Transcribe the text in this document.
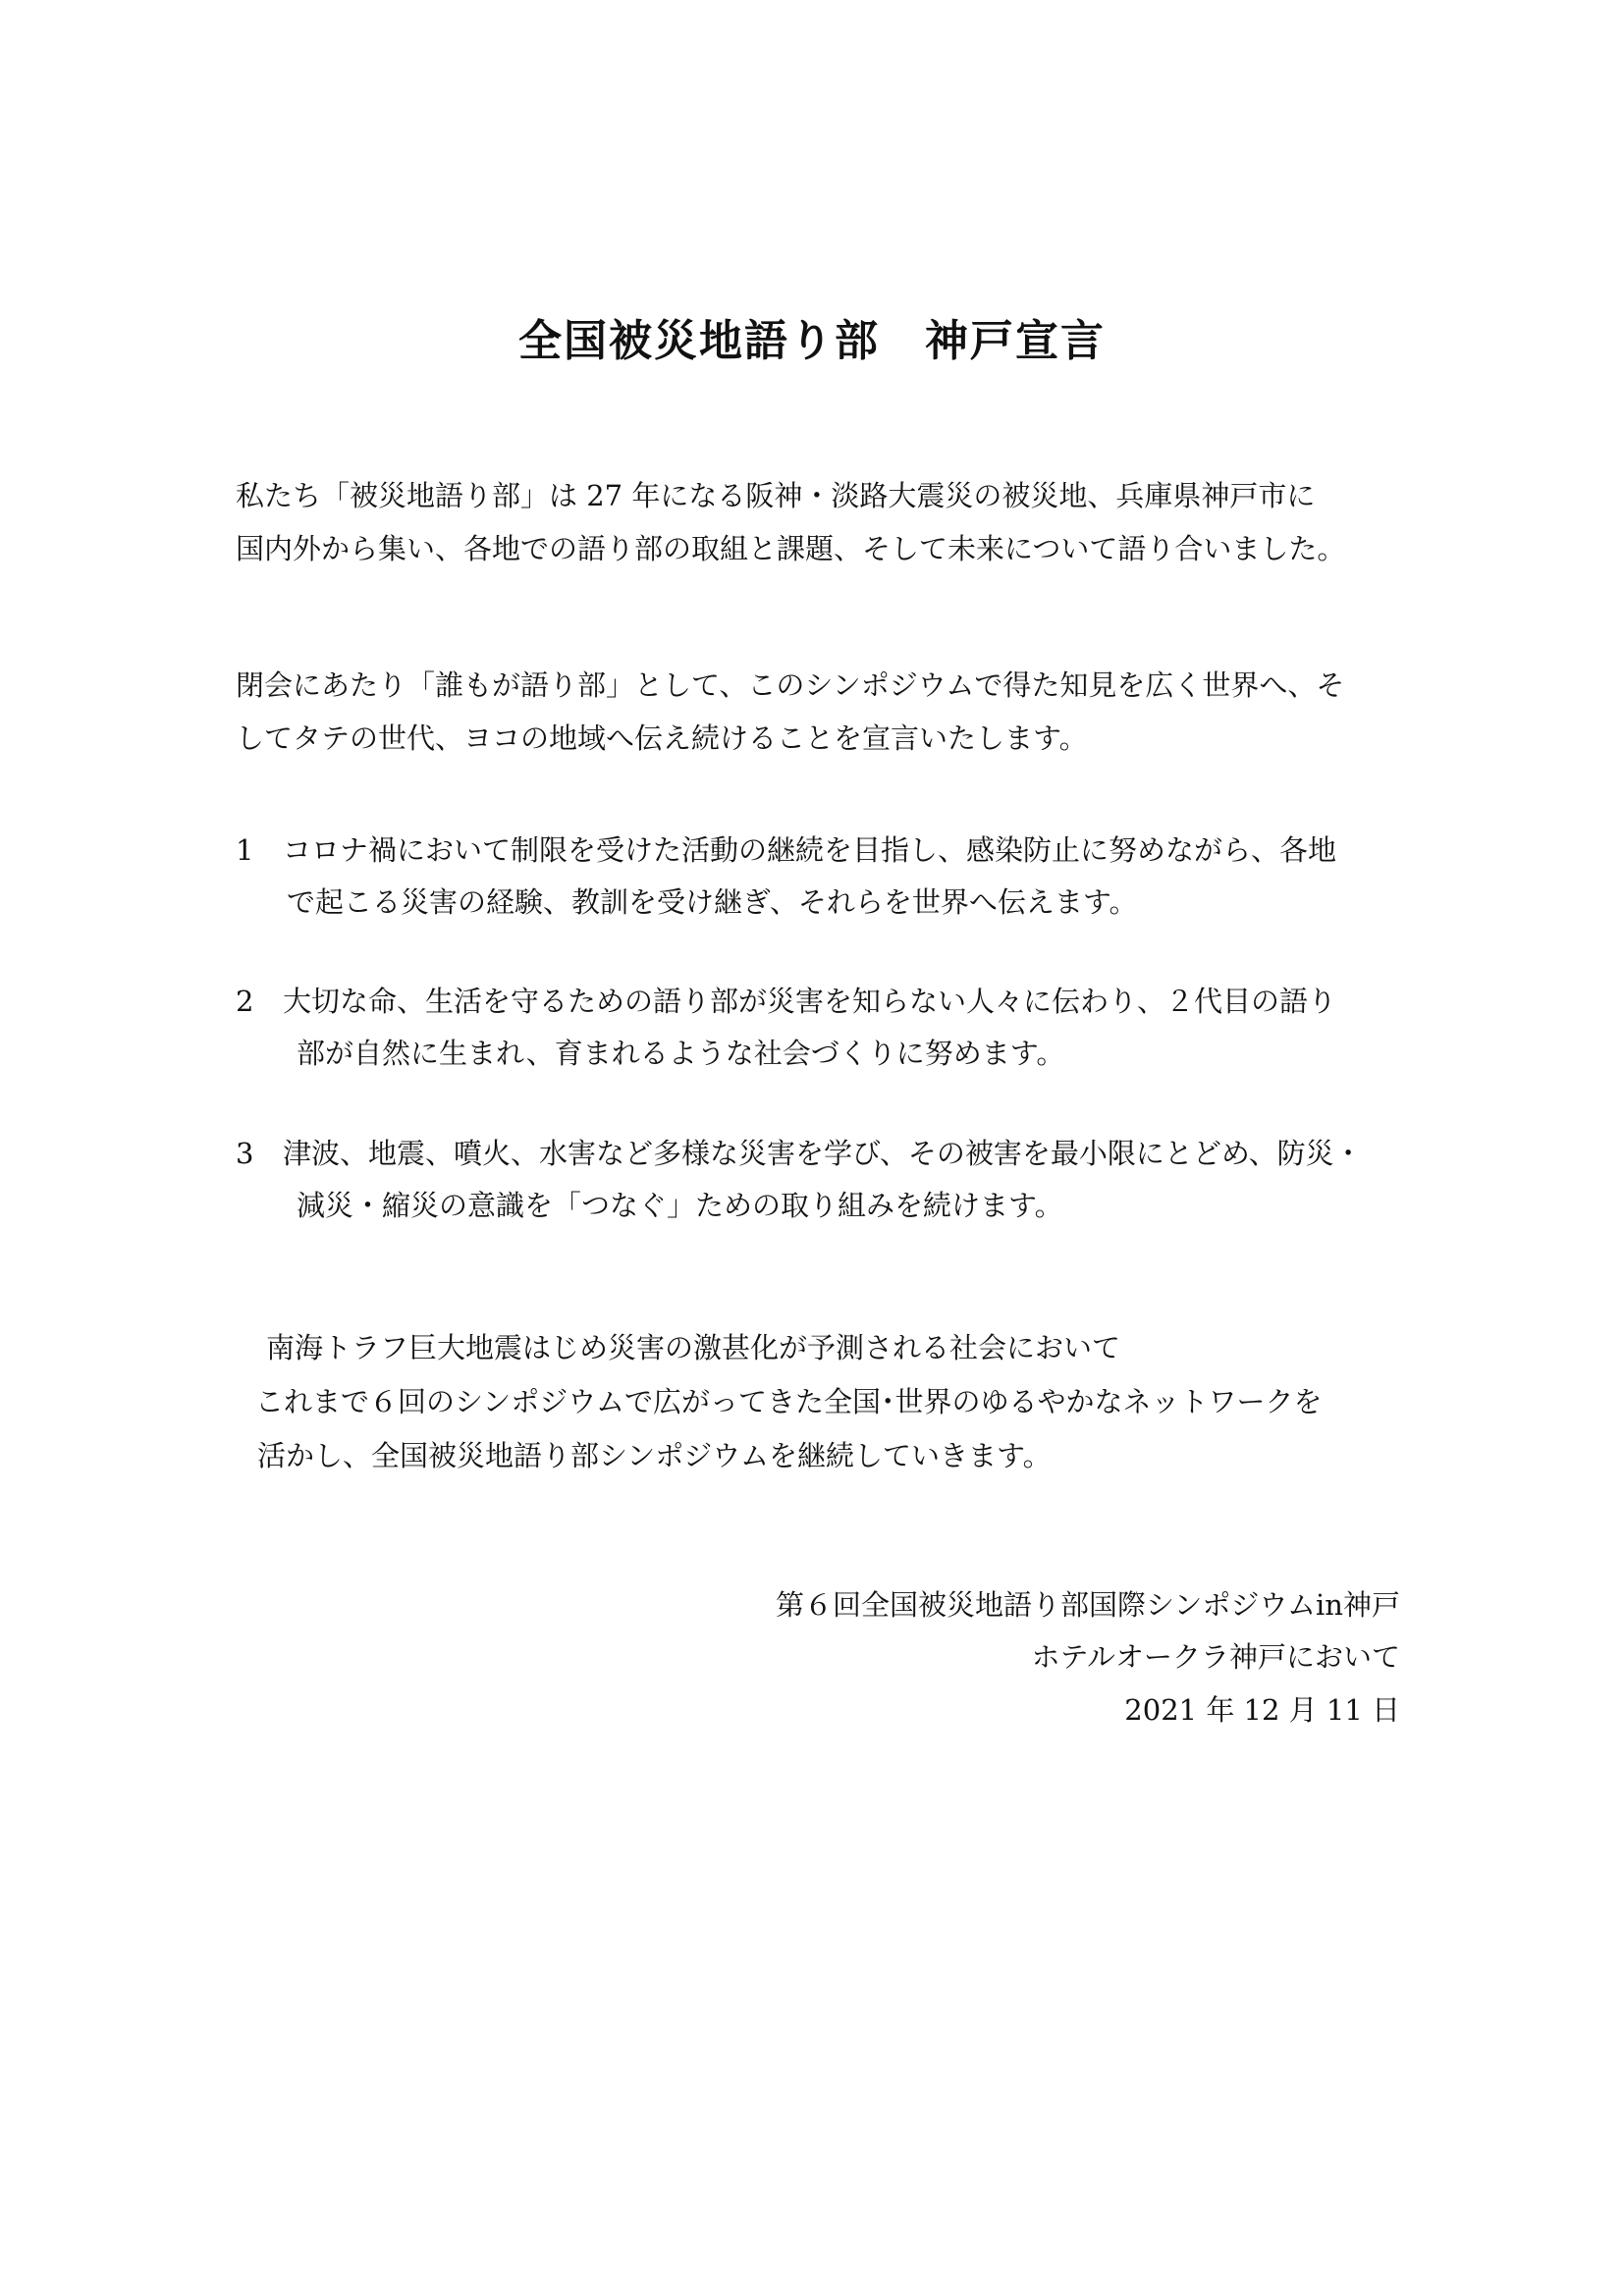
全国被災地語り部　神戸宣言
私たち「被災地語り部」は 27 年になる阪神・淡路大震災の被災地、兵庫県神戸市に
国内外から集い、各地での語り部の取組と課題、そして未来について語り合いました。
閉会にあたり「誰もが語り部」として、このシンポジウムで得た知見を広く世界へ、そ
してタテの世代、ヨコの地域へ伝え続けることを宣言いたします。
1 コロナ禍において制限を受けた活動の継続を目指し、感染防止に努めながら、各地
で起こる災害の経験、教訓を受け継ぎ、それらを世界へ伝えます。
2 大切な命、生活を守るための語り部が災害を知らない人々に伝わり、２代目の語り
部が自然に生まれ、育まれるような社会づくりに努めます。
3 津波、地震、噴火、水害など多様な災害を学び、その被害を最小限にとどめ、防災・
減災・縮災の意識を「つなぐ」ための取り組みを続けます。
南海トラフ巨大地震はじめ災害の激甚化が予測される社会において
これまで６回のシンポジウムで広がってきた全国･世界のゆるやかなネットワークを
活かし、全国被災地語り部シンポジウムを継続していきます。
第６回全国被災地語り部国際シンポジウムin神戸
ホテルオークラ神戸において
2021 年 12 月 11 日
